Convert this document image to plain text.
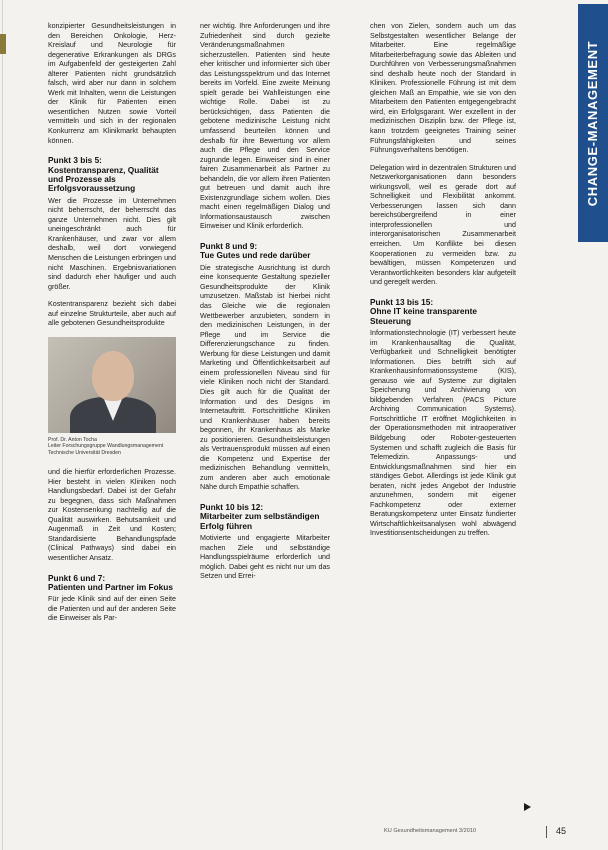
CHANGE-MANAGEMENT

konzipierter Gesundheitsleistungen in den Bereichen Onkologie, Herz-Kreislauf und Neurologie für degenerative Erkrankungen als DRGs im Aufgabenfeld der gesteigerten Zahl älterer Patienten nicht grundsätzlich falsch, wird aber nur dann in solchem Werk mit Inhalten, wenn die Leistungen der Klinik für Patienten einen wesentlichen Nutzen sowie Vorteil vermitteln und sich in der regionalen Konkurrenz am Klinikmarkt behaupten können.

Punkt 3 bis 5:
Kostentransparenz, Qualität und Prozesse als Erfolgsvoraussetzung

Wer die Prozesse im Unternehmen nicht beherrscht, der beherrscht das ganze Unternehmen nicht. Dies gilt uneingeschränkt auch für Krankenhäuser, und zwar vor allem deshalb, weil dort vorwiegend Menschen die Leistungen erbringen und nicht Maschinen. Ergebnisvariationen sind dadurch eher häufiger und auch größer.

Kostentransparenz bezieht sich dabei auf einzelne Strukturteile, aber auch auf alle gebotenen Gesundheitsprodukte

Prof. Dr. Anton Tocha
Leiter Forschungsgruppe Wandlungsmanagement
Technische Universität Dresden

und die hierfür erforderlichen Prozesse. Hier besteht in vielen Kliniken noch Handlungsbedarf. Dabei ist der Gefahr zu begegnen, dass sich Maßnahmen zur Kostensenkung nachteilig auf die Qualität auswirken. Behutsamkeit und Augenmaß in Zeit und Kosten; Standardisierte Behandlungspfade (Clinical Pathways) sind dabei ein wesentlicher Ansatz.

Punkt 6 und 7:
Patienten und Partner im Fokus

Für jede Klinik sind auf der einen Seite die Patienten und auf der anderen Seite die Einweiser als Par-

ner wichtig. Ihre Anforderungen und ihre Zufriedenheit sind durch gezielte Veränderungsmaßnahmen sicherzustellen. Patienten sind heute eher kritischer und informierter sich über das Leistungsspektrum und das Internet bereits im Vorfeld. Eine zweite Meinung spielt gerade bei Wahlleistungen eine wichtige Rolle. Dabei ist zu berücksichtigen, dass Patienten die gebotene medizinische Leistung nicht umfassend beurteilen können und deshalb für ihre Bewertung vor allem auch die Pflege und den Service zugrunde legen. Einweiser sind in einer fairen Zusammenarbeit als Partner zu behandeln, die vor allem ihren Patienten gut betreuen und damit auch ihre Existenzgrundlage sichern wollen. Dies macht einen regelmäßigen Dialog und Informationsaustausch zwischen Einweiser und Klinik erforderlich.

Punkt 8 und 9:
Tue Gutes und rede darüber

Die strategische Ausrichtung ist durch eine konsequente Gestaltung spezieller Gesundheitsprodukte der Klinik umzusetzen. Maßstab ist hierbei nicht das Gleiche wie die regionalen Wettbewerber anzubieten, sondern in den medizinischen Leistungen, in der Pflege und im Service die Differenzierungschance zu finden. Werbung für diese Leistungen und damit Marketing und Öffentlichkeitsarbeit auf einem professionellen Niveau sind für viele Kliniken noch nicht der Standard. Dies gilt auch für die Qualität der Information und des Designs im Internetauftritt. Fortschrittliche Kliniken und Krankenhäuser haben bereits begonnen, ihr Krankenhaus als Marke zu positionieren. Gesundheitsleistungen als Vertrauensprodukt müssen auf einen die Kompetenz und Expertise der medizinischen Behandlung vermitteln, zum anderen aber auch emotionale Nähe durch Empathie schaffen.

Punkt 10 bis 12:
Mitarbeiter zum selbständigen Erfolg führen

Motivierte und engagierte Mitarbeiter machen Ziele und selbständige Handlungsspielräume erforderlich und möglich. Dabei geht es nicht nur um das Setzen und Errei-

chen von Zielen, sondern auch um das Selbstgestalten wesentlicher Belange der Mitarbeiter. Eine regelmäßige Mitarbeiterbefragung sowie das Ableiten und Durchführen von Verbesserungsmaßnahmen sind deshalb heute noch der Standard in Kliniken. Professionelle Führung ist mit dem gleichen Maß an Empathie, wie sie von den Mitarbeitern den Patienten entgegengebracht wird, ein Erfolgsgarant. Wer exzellent in der medizinischen Disziplin bzw. der Pflege ist, kann trotzdem geeignetes Training seiner Führungsfähigkeiten und seines Führungsverhaltens benötigen.

Delegation wird in dezentralen Strukturen und Netzwerkorganisationen dann besonders wirkungsvoll, weil es gerade dort auf Schnelligkeit und Flexibilität ankommt. Verbesserungen lassen sich dann bereichsübergreifend in einer interprofessionellen und interorganisatorischen Zusammenarbeit erreichen. Um Konflikte bei diesen Kooperationen zu vermeiden bzw. zu bewältigen, müssen Kompetenzen und Verantwortlichkeiten besonders klar aufgeteilt und geregelt werden.

Punkt 13 bis 15:
Ohne IT keine transparente Steuerung

Informationstechnologie (IT) verbessert heute im Krankenhausalltag die Qualität, Verfügbarkeit und Schnelligkeit benötigter Informationen. Dies betrifft sich auf Krankenhausinformationssysteme (KIS), genauso wie auf Systeme zur digitalen Speicherung und Archivierung von bildgebenden Verfahren (PACS Picture Archiving Communication Systems). Fortschrittliche IT eröffnet Möglichkeiten in der Operationsmethoden mit intraoperativer Bildgebung oder Roboter-gesteuerten Systemen und schafft zugleich die Basis für Telemedizin. Anpassungs- und Entwicklungsmaßnahmen sind hier ein ständiges Gebot. Allerdings ist jede Klinik gut beraten, nicht jedes Angebot der Industrie anzunehmen, sondern mit eigener Fachkompetenz oder externer Beratungskompetenz unter Einsatz fundierter Wirtschaftlichkeitsanalysen wohl abwägend Investitionsentscheidungen zu treffen.

KU Gesundheitsmanagement 3/2010	45
